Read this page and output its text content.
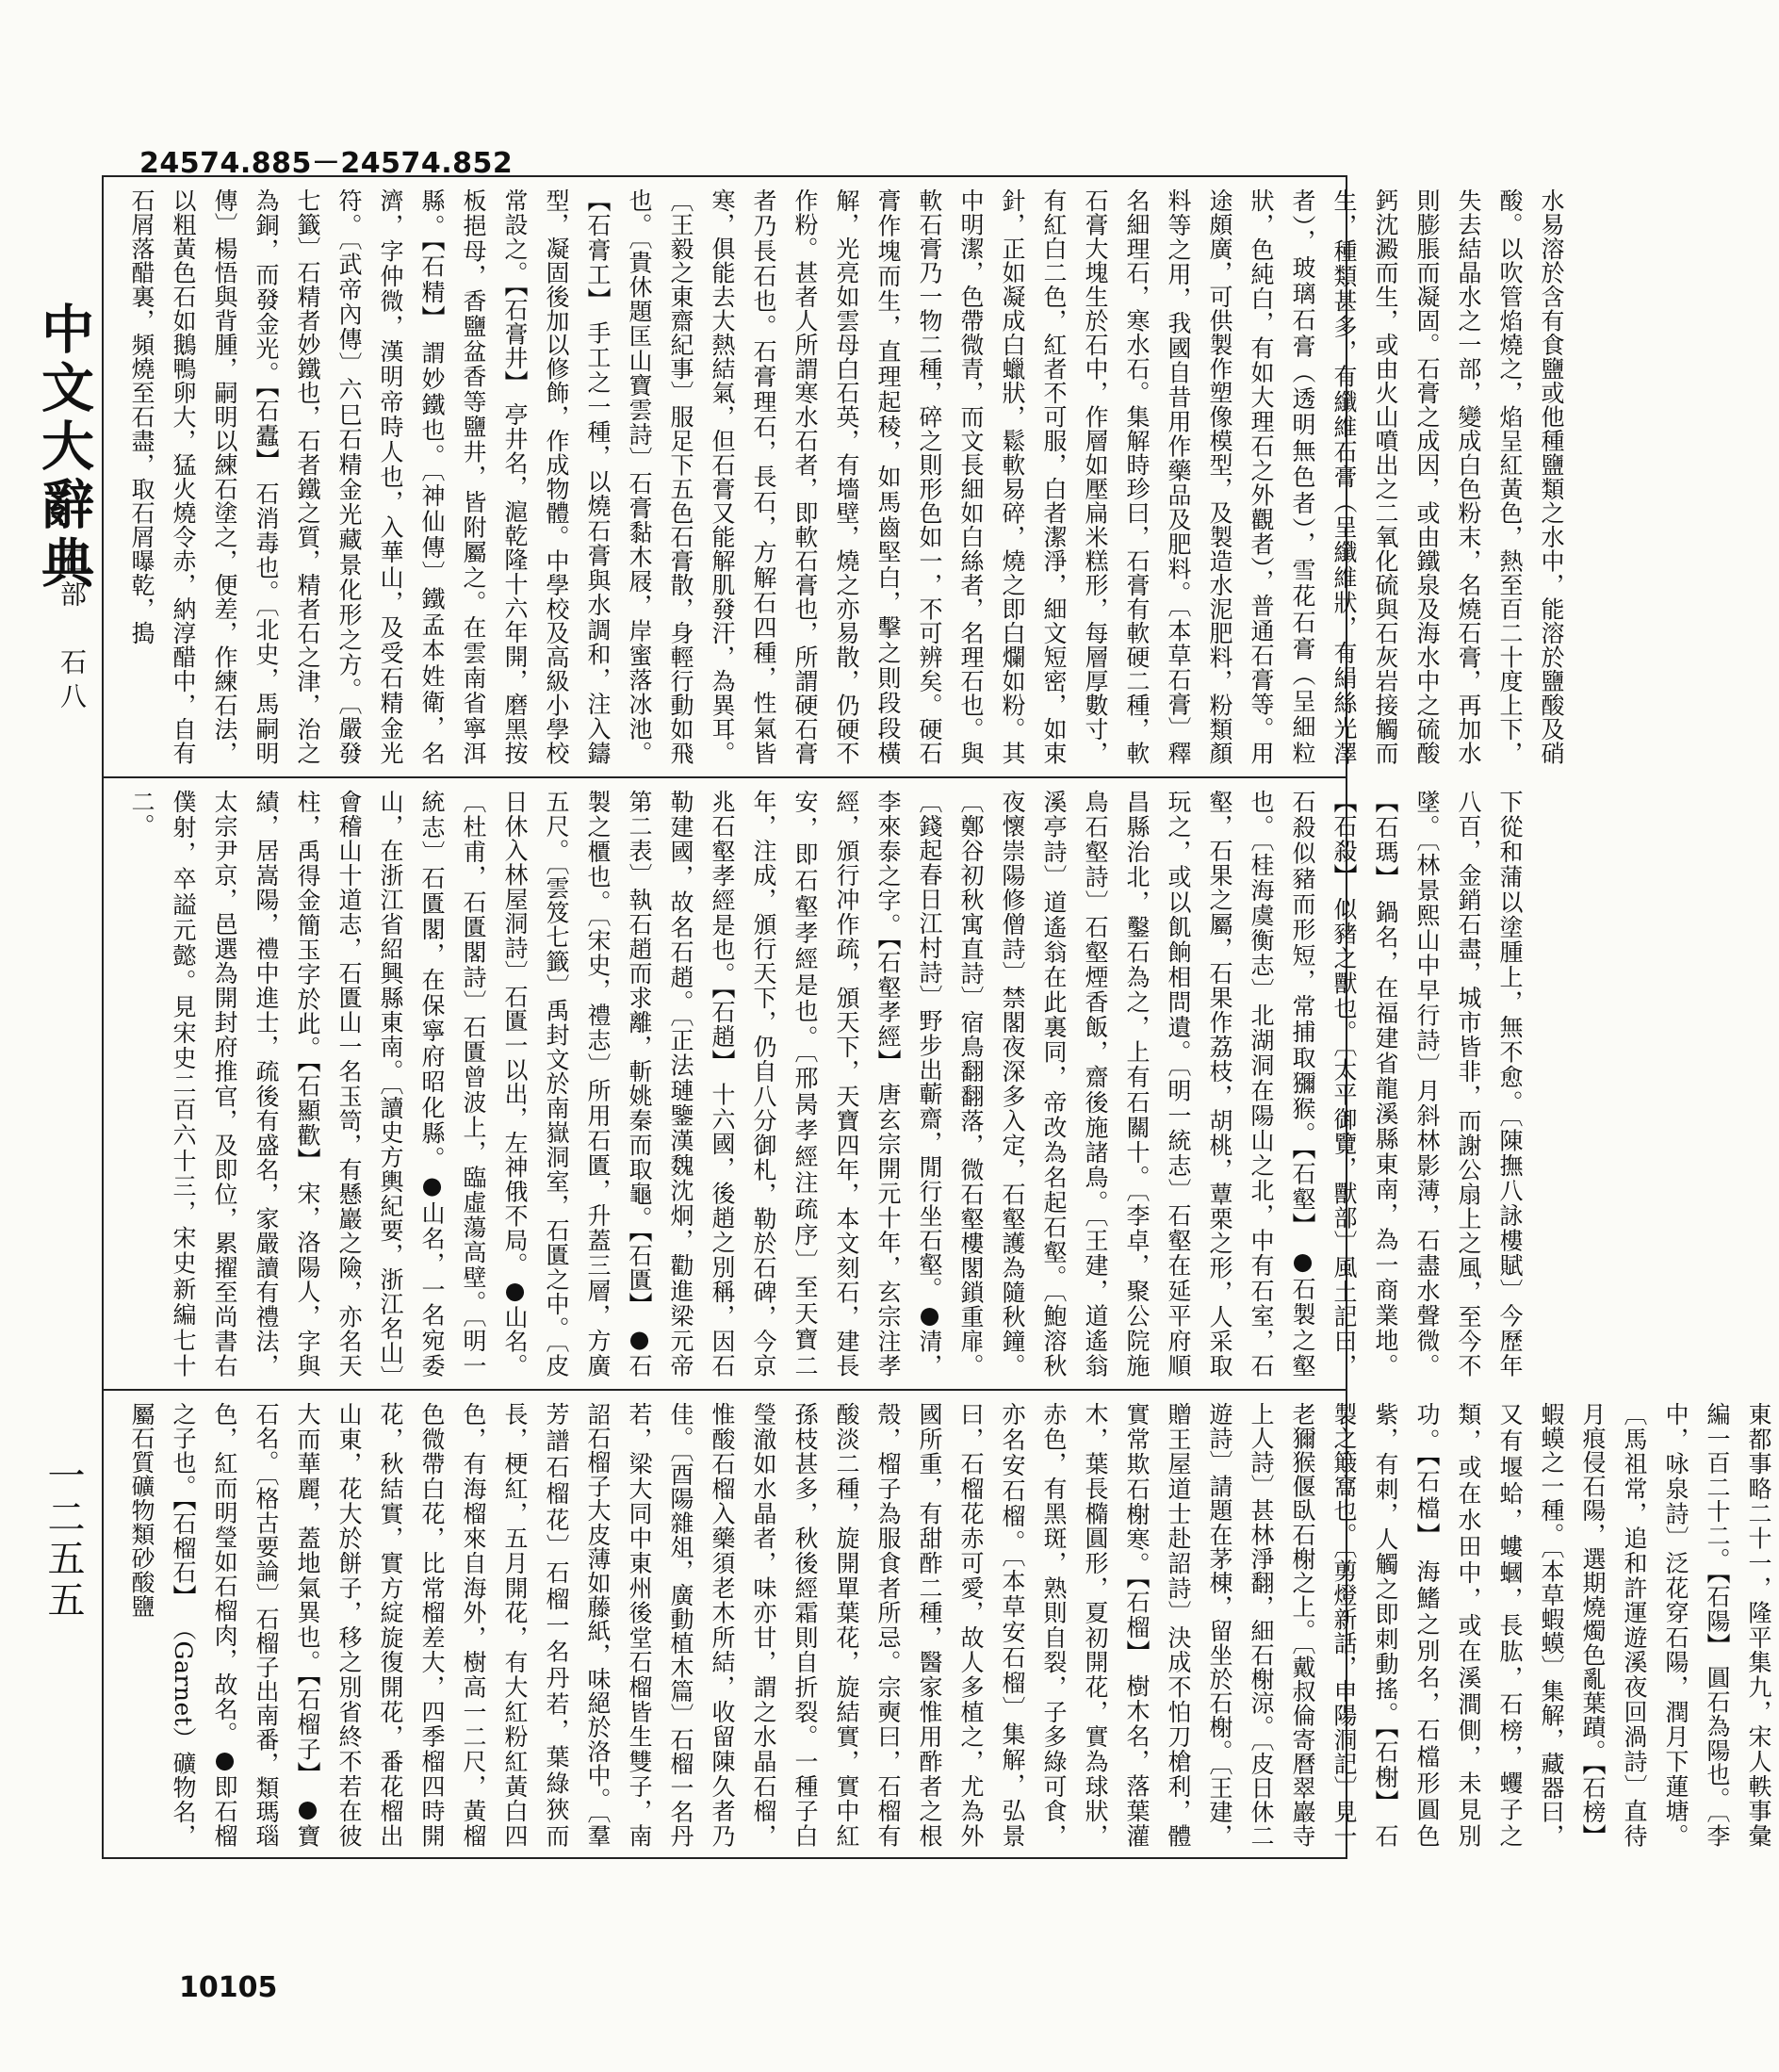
24574.885－24574.852
中文大辭典
石部　石八
一二五五
水易溶於含有食鹽或他種鹽類之水中，能溶於鹽酸及硝酸。以吹管焰燒之，焰呈紅黃色，熱至百二十度上下，失去結晶水之一部，變成白色粉末，名燒石膏，再加水則膨脹而凝固。石膏之成因，或由鐵泉及海水中之硫酸鈣沈澱而生，或由火山噴出之二氧化硫與石灰岩接觸而生，種類甚多，有纖維石膏（呈纖維狀，有絹絲光澤者），玻璃石膏（透明無色者），雪花石膏（呈細粒狀，色純白，有如大理石之外觀者），普通石膏等。用途頗廣，可供製作塑像模型，及製造水泥肥料，粉類顏料等之用，我國自昔用作藥品及肥料。〔本草石膏〕釋名細理石，寒水石。集解時珍曰，石膏有軟硬二種，軟石膏大塊生於石中，作層如壓扁米糕形，每層厚數寸，有紅白二色，紅者不可服，白者潔淨，細文短密，如束針，正如凝成白蠟狀，鬆軟易碎，燒之即白爛如粉。其中明潔，色帶微青，而文長細如白絲者，名理石也。與軟石膏乃一物二種，碎之則形色如一，不可辨矣。硬石膏作塊而生，直理起稜，如馬齒堅白，擊之則段段橫解，光亮如雲母白石英，有墻壁，燒之亦易散，仍硬不作粉。甚者人所謂寒水石者，即軟石膏也，所謂硬石膏者乃長石也。石膏理石，長石，方解石四種，性氣皆寒，俱能去大熱結氣，但石膏又能解肌發汗，為異耳。〔王毅之東齋紀事〕服足下五色石膏散，身輕行動如飛也。〔貴休題匡山寶雲詩〕石膏黏木屐，岸蜜落冰池。【石膏工】 手工之一種，以燒石膏與水調和，注入鑄型，凝固後加以修飾，作成物體。中學校及高級小學校常設之。【石膏井】 亭井名，滬乾隆十六年開，磨黑按板挹母，香鹽盆香等鹽井，皆附屬之。在雲南省寧洱縣。【石精】 謂妙鐵也。〔神仙傳〕鐵孟本姓衛，名濟，字仲微，漢明帝時人也，入華山，及受石精金光符。〔武帝內傳〕六巳石精金光藏景化形之方。〔嚴發七籤〕石精者妙鐵也，石者鐵之質，精者石之津，治之為銅，而發金光。【石蠹】 石消毒也。〔北史，馬嗣明傳〕楊悟與背腫，嗣明以練石塗之，便差，作練石法，以粗黃色石如鵝鴨卵大，猛火燒令赤，納淳醋中，自有石屑落醋裏，頻燒至石盡，取石屑曝乾，搗
下從和蒲以塗腫上，無不愈。〔陳撫八詠樓賦〕今歷年八百，金銷石盡，城市皆非，而謝公扇上之風，至今不墜。〔林景熙山中早行詩〕月斜林影薄，石盡水聲微。【石瑪】 鍋名，在福建省龍溪縣東南，為一商業地。【石殺】 似豬之獸也。〔太平御覽，獸部〕風土記曰，石殺似豬而形短，常捕取獼猴。【石壑】 ●石製之壑也。〔桂海虞衡志〕北湖洞在陽山之北，中有石室，石壑，石果之屬，石果作荔枝，胡桃，蕈栗之形，人采取玩之，或以飢餉相問遺。〔明一統志〕石壑在延平府順昌縣治北，鑿石為之，上有石關十。〔李卓，聚公院施鳥石壑詩〕石壑煙香飯，齋後施諸鳥。〔王建，道遙翁溪亭詩〕道遙翁在此裏同，帝改為名起石壑。〔鮑溶秋夜懷崇陽修僧詩〕禁閣夜深多入定，石壑護為隨秋鐘。〔鄭谷初秋寓直詩〕宿鳥翻翻落，微石壑樓閣鎖重扉。〔錢起春日江村詩〕野步出蘄齋，閒行坐石壑。●清，李來泰之字。【石壑孝經】 唐玄宗開元十年，玄宗注孝經，頒行冲作疏，頒天下，天寶四年，本文刻石，建長安，即石壑孝經是也。〔邢昺孝經注疏序〕至天寶二年，注成，頒行天下，仍自八分御札，勒於石碑，今京兆石壑孝經是也。【石趙】 十六國，後趙之別稱，因石勒建國，故名石趙。〔正法璉鑒漢魏沈炯，勸進梁元帝第二表〕執石趙而求離，斬姚秦而取龜。【石匱】 ●石製之櫃也。〔宋史，禮志〕所用石匱，升蓋三層，方廣五尺。〔雲笈七籤〕禹封文於南嶽洞室，石匱之中。〔皮日休入林屋洞詩〕石匱一以出，左神俄不局。●山名。〔杜甫，石匱閣詩〕石匱曾波上，臨虛蕩高壁。〔明一統志〕石匱閣，在保寧府昭化縣。●山名，一名宛委山，在浙江省紹興縣東南。〔讀史方輿紀要，浙江名山〕會稽山十道志，石匱山一名玉笥，有懸巖之險，亦名天柱，禹得金簡玉字於此。【石顯歡】 宋，洛陽人，字與績，居嵩陽，禮中進士，疏後有盛名，家嚴讀有禮法，太宗尹京，邑選為開封府推官，及即位，累擢至尚書右僕射，卒謚元懿。見宋史二百六十三，宋史新編七十二。
東都事略二十一，隆平集九，宋人軼事彙編一百二十二。【石陽】 圓石為陽也。〔李中，咏泉詩〕泛花穿石陽，潤月下蓮塘。〔馬祖常，追和許運遊溪夜回渦詩〕直待月痕侵石陽，選期燒燭色亂葉蹟。【石榜】 蝦蟆之一種。〔本草蝦蟆〕集解，藏器曰，又有堰蛤，螻蟈，長肱，石榜，蠼子之類，或在水田中，或在溪澗側，未見別功。【石檔】 海鰭之別名，石檔形圓色紫，有刺，人觸之即刺動搖。【石榭】 石製之簸窩也。〔剪燈新話，申陽洞記〕見一老獮猴偃臥石榭之上。〔戴叔倫寄曆翠巖寺上人詩〕甚林淨翻，細石榭涼。〔皮日休二遊詩〕請題在茅棟，留坐於石榭。〔王建，贈王屋道士赴詔詩〕決成不怕刀槍利，體實常欺石榭寒。【石榴】 樹木名，落葉灌木，葉長橢圓形，夏初開花，實為球狀，赤色，有黑斑，熟則自裂，子多綠可食，亦名安石榴。〔本草安石榴〕集解，弘景曰，石榴花赤可愛，故人多植之，尤為外國所重，有甜酢二種，醫家惟用酢者之根殼，榴子為服食者所忌。宗奭曰，石榴有酸淡二種，旋開單葉花，旋結實，實中紅孫枝甚多，秋後經霜則自折裂。一種子白瑩澈如水晶者，味亦甘，謂之水晶石榴，惟酸石榴入藥須老木所結，收留陳久者乃佳。〔酉陽雜俎，廣動植木篇〕石榴一名丹若，梁大同中東州後堂石榴皆生雙子，南詔石榴子大皮薄如藤紙，味絕於洛中。〔羣芳譜石榴花〕石榴一名丹若，葉綠狹而長，梗紅，五月開花，有大紅粉紅黃白四色，有海榴來自海外，樹高一二尺，黃榴色微帶白花，比常榴差大，四季榴四時開花，秋結實，實方綻旋復開花，番花榴出山東，花大於餅子，移之別省終不若在彼大而華麗，蓋地氣異也。【石榴子】 ●寶石名。〔格古要論〕石榴子出南番，類瑪瑙色，紅而明瑩如石榴肉，故名。●即石榴之子也。【石榴石】 （Garnet）礦物名，屬石質礦物類砂酸鹽
10105
